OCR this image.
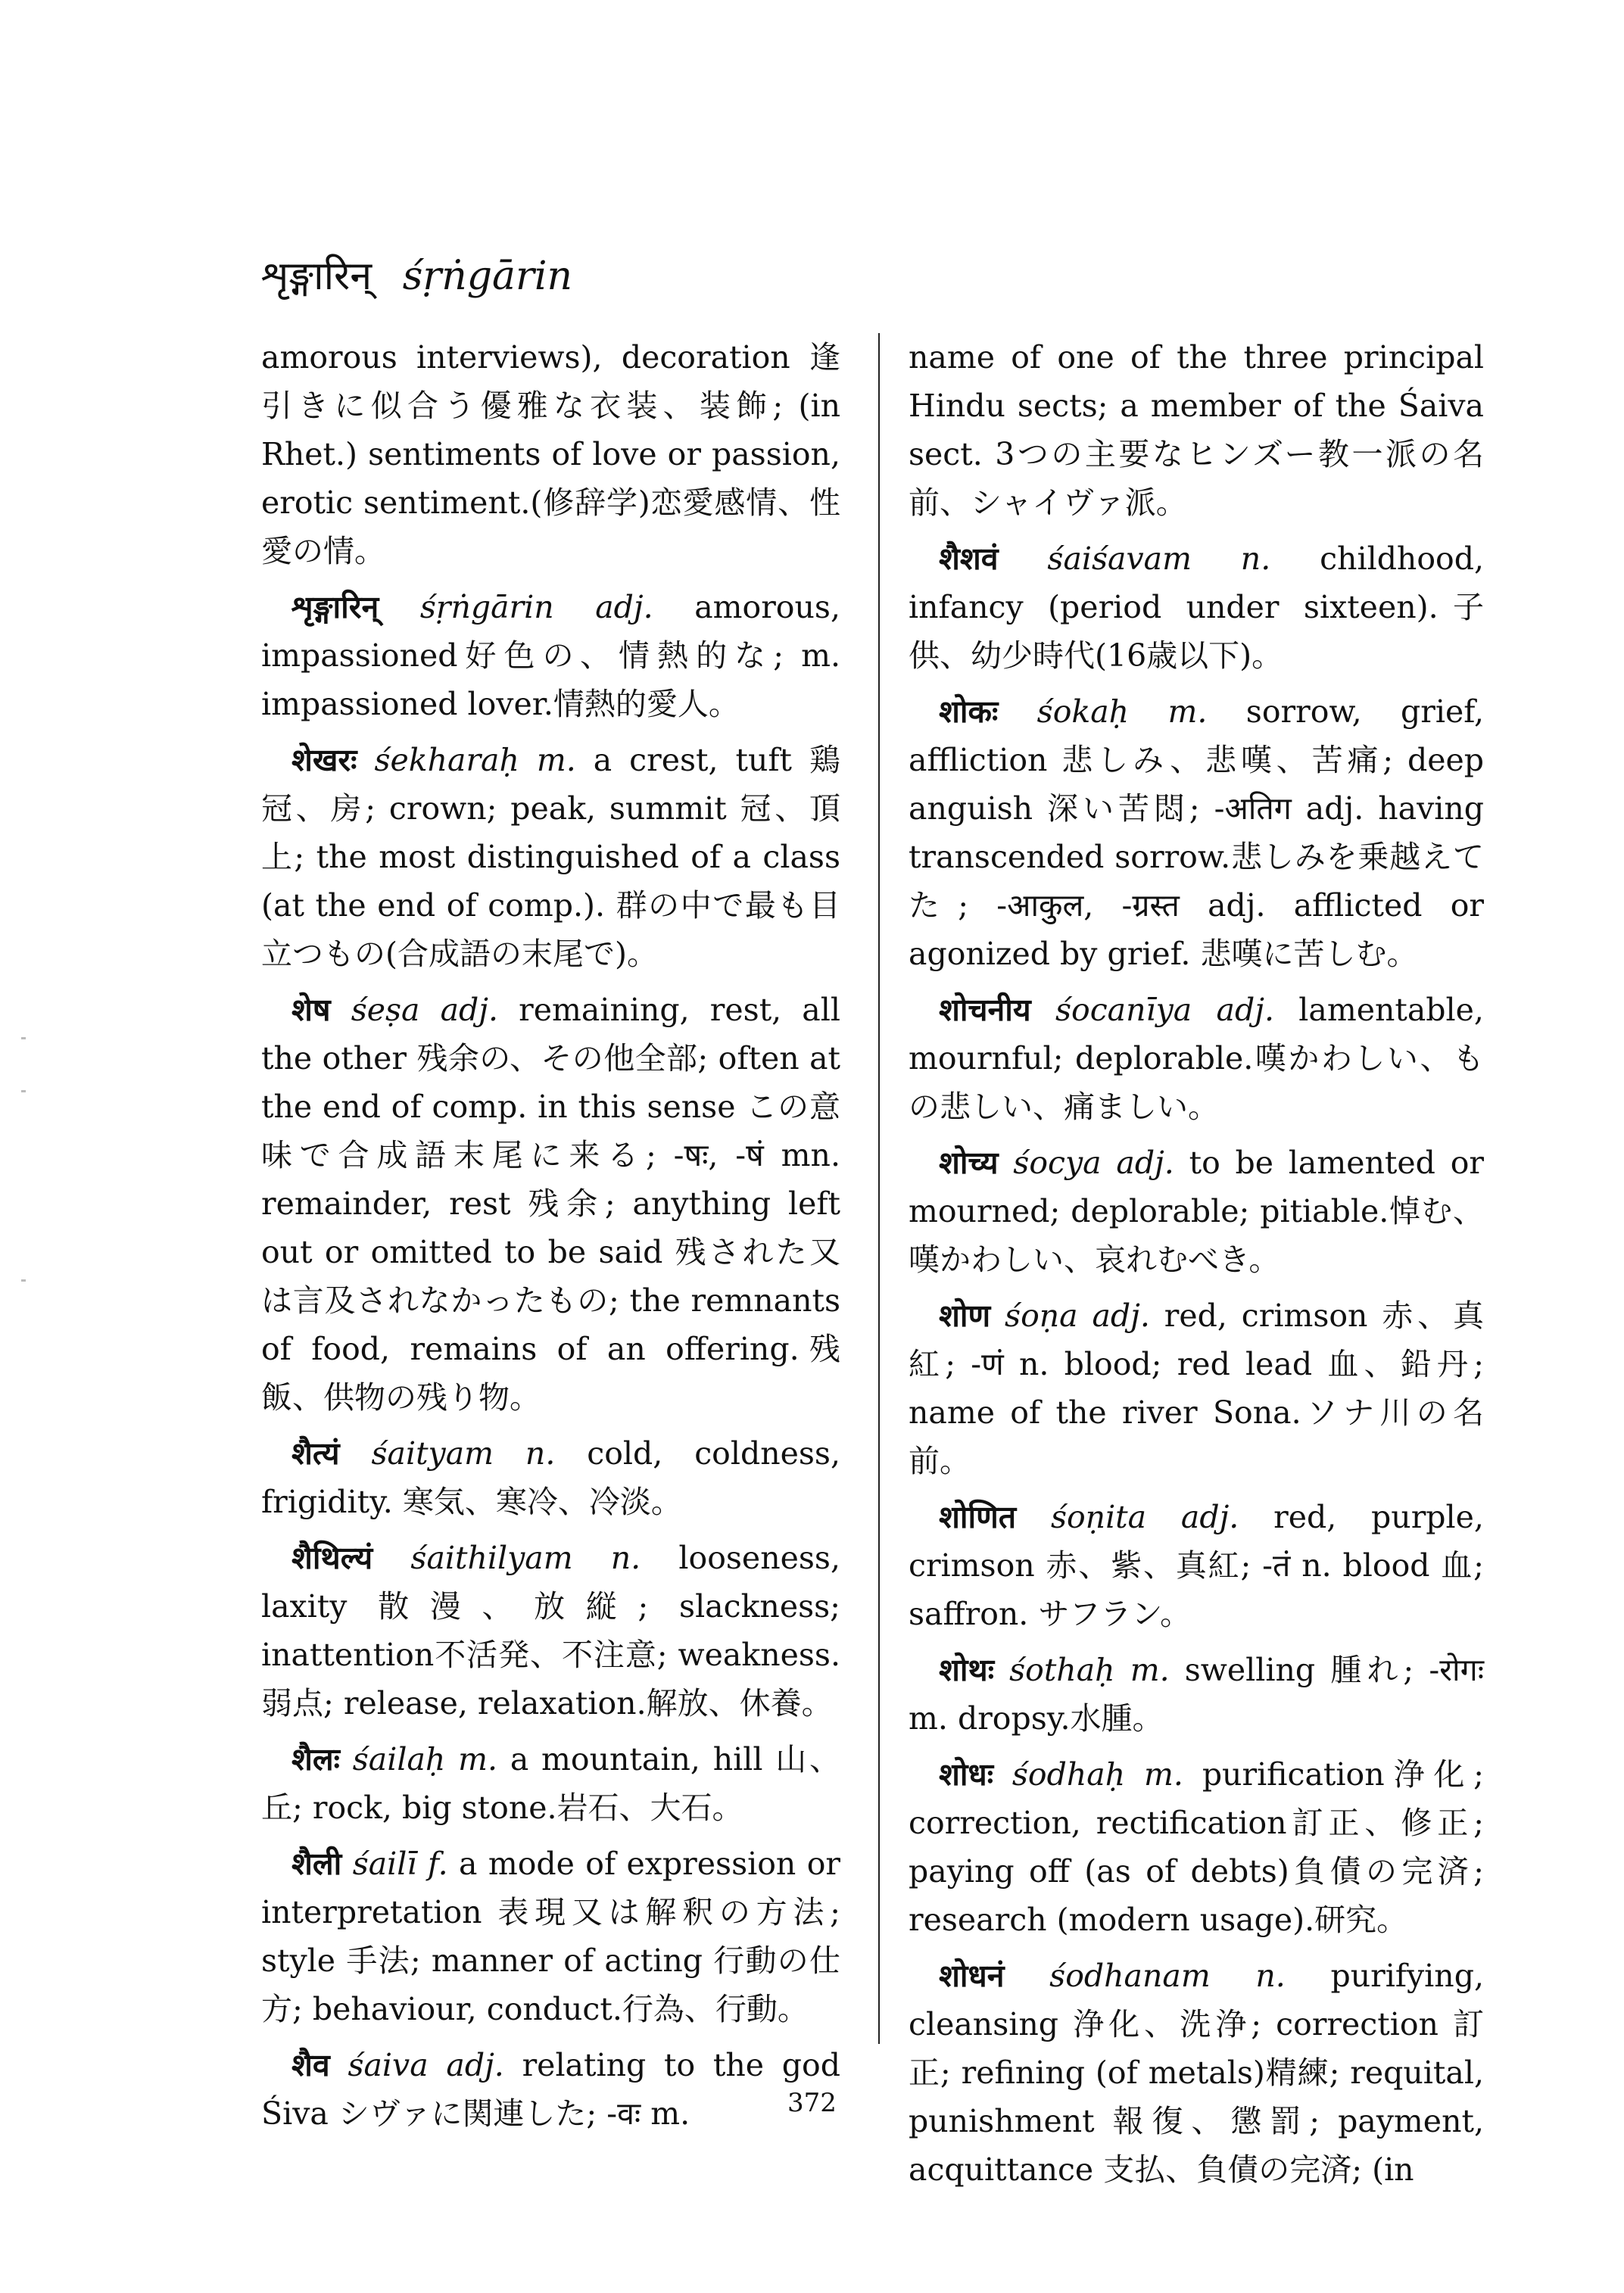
शृङ्गारिन् śṛṅgārin

amorous interviews), decoration 逢引きに似合う優雅な衣装、装飾; (in Rhet.) sentiments of love or passion, erotic sentiment.(修辞学)恋愛感情、性愛の情。

शृङ्गारिन् śṛṅgārin adj. amorous, impassioned好色の、情熱的な; m. impassioned lover.情熱的愛人。

शेखरः śekharaḥ m. a crest, tuft 鶏冠、房; crown; peak, summit 冠、頂上; the most distinguished of a class (at the end of comp.). 群の中で最も目立つもの(合成語の末尾で)。

शेष śeṣa adj. remaining, rest, all the other 残余の、その他全部; often at the end of comp. in this sense この意味で合成語末尾に来る; -षः, -षं mn. remainder, rest 残余; anything left out or omitted to be said 残された又は言及されなかったもの; the remnants of food, remains of an offering.残飯、供物の残り物。

शैत्यं śaityam n. cold, coldness, frigidity. 寒気、寒冷、冷淡。

शैथिल्यं śaithilyam n. looseness, laxity 散漫、放縦; slackness; inattention不活発、不注意; weakness. 弱点; release, relaxation.解放、休養。

शैलः śailaḥ m. a mountain, hill 山、丘; rock, big stone.岩石、大石。

शैली śailī f. a mode of expression or interpretation 表現又は解釈の方法; style 手法; manner of acting 行動の仕方; behaviour, conduct.行為、行動。

शैव śaiva adj. relating to the god Śiva シヴァに関連した; -वः m.

name of one of the three principal Hindu sects; a member of the Śaiva sect. 3つの主要なヒンズー教一派の名前、シャイヴァ派。

शैशवं śaiśavam n. childhood, infancy (period under sixteen).子供、幼少時代(16歳以下)。

शोकः śokaḥ m. sorrow, grief, affliction 悲しみ、悲嘆、苦痛; deep anguish 深い苦悶; -अतिग adj. having transcended sorrow.悲しみを乗越えてた; -आकुल, -ग्रस्त adj. afflicted or agonized by grief. 悲嘆に苦しむ。

शोचनीय śocanīya adj. lamentable, mournful; deplorable.嘆かわしい、もの悲しい、痛ましい。

शोच्य śocya adj. to be lamented or mourned; deplorable; pitiable.悼む、嘆かわしい、哀れむべき。

शोण śoṇa adj. red, crimson 赤、真紅; -णं n. blood; red lead 血、鉛丹; name of the river Sona.ソナ川の名前。

शोणित śoṇita adj. red, purple, crimson 赤、紫、真紅; -तं n. blood 血; saffron. サフラン。

शोथः śothaḥ m. swelling 腫れ; -रोगः m. dropsy.水腫。

शोधः śodhaḥ m. purification浄化; correction, rectification訂正、修正; paying off (as of debts)負債の完済; research (modern usage).研究。

शोधनं śodhanam n. purifying, cleansing 浄化、洗浄; correction 訂正; refining (of metals)精練; requital, punishment 報復、懲罰; payment, acquittance 支払、負債の完済; (in

372
